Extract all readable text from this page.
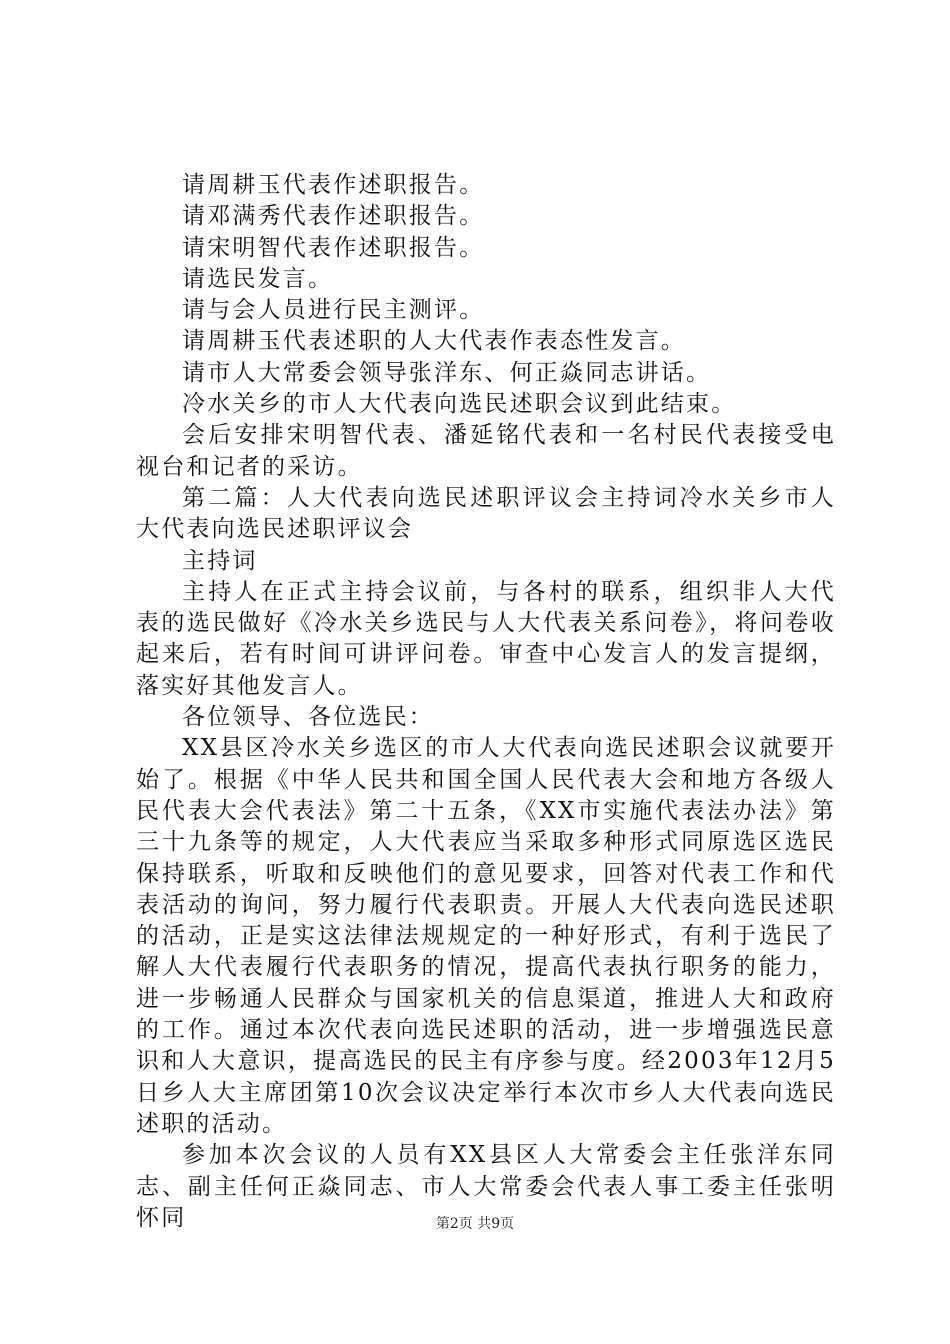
请周耕玉代表作述职报告。

请邓满秀代表作述职报告。

请宋明智代表作述职报告。

请选民发言。

请与会人员进行民主测评。

请周耕玉代表述职的人大代表作表态性发言。

请市人大常委会领导张洋东、何正焱同志讲话。

冷水关乡的市人大代表向选民述职会议到此结束。

会后安排宋明智代表、潘延铭代表和一名村民代表接受电视台和记者的采访。

第二篇：人大代表向选民述职评议会主持词冷水关乡市人大代表向选民述职评议会

主持词

主持人在正式主持会议前，与各村的联系，组织非人大代表的选民做好《冷水关乡选民与人大代表关系问卷》，将问卷收起来后，若有时间可讲评问卷。审查中心发言人的发言提纲，落实好其他发言人。

各位领导、各位选民：

XX县区冷水关乡选区的市人大代表向选民述职会议就要开始了。根据《中华人民共和国全国人民代表大会和地方各级人民代表大会代表法》第二十五条，《XX市实施代表法办法》第三十九条等的规定，人大代表应当采取多种形式同原选区选民保持联系，听取和反映他们的意见要求，回答对代表工作和代表活动的询问，努力履行代表职责。开展人大代表向选民述职的活动，正是实这法律法规规定的一种好形式，有利于选民了解人大代表履行代表职务的情况，提高代表执行职务的能力，进一步畅通人民群众与国家机关的信息渠道，推进人大和政府的工作。通过本次代表向选民述职的活动，进一步增强选民意识和人大意识，提高选民的民主有序参与度。经2003年12月5日乡人大主席团第10次会议决定举行本次市乡人大代表向选民述职的活动。

参加本次会议的人员有XX县区人大常委会主任张洋东同志、副主任何正焱同志、市人大常委会代表人事工委主任张明怀同	第2页 共9页
